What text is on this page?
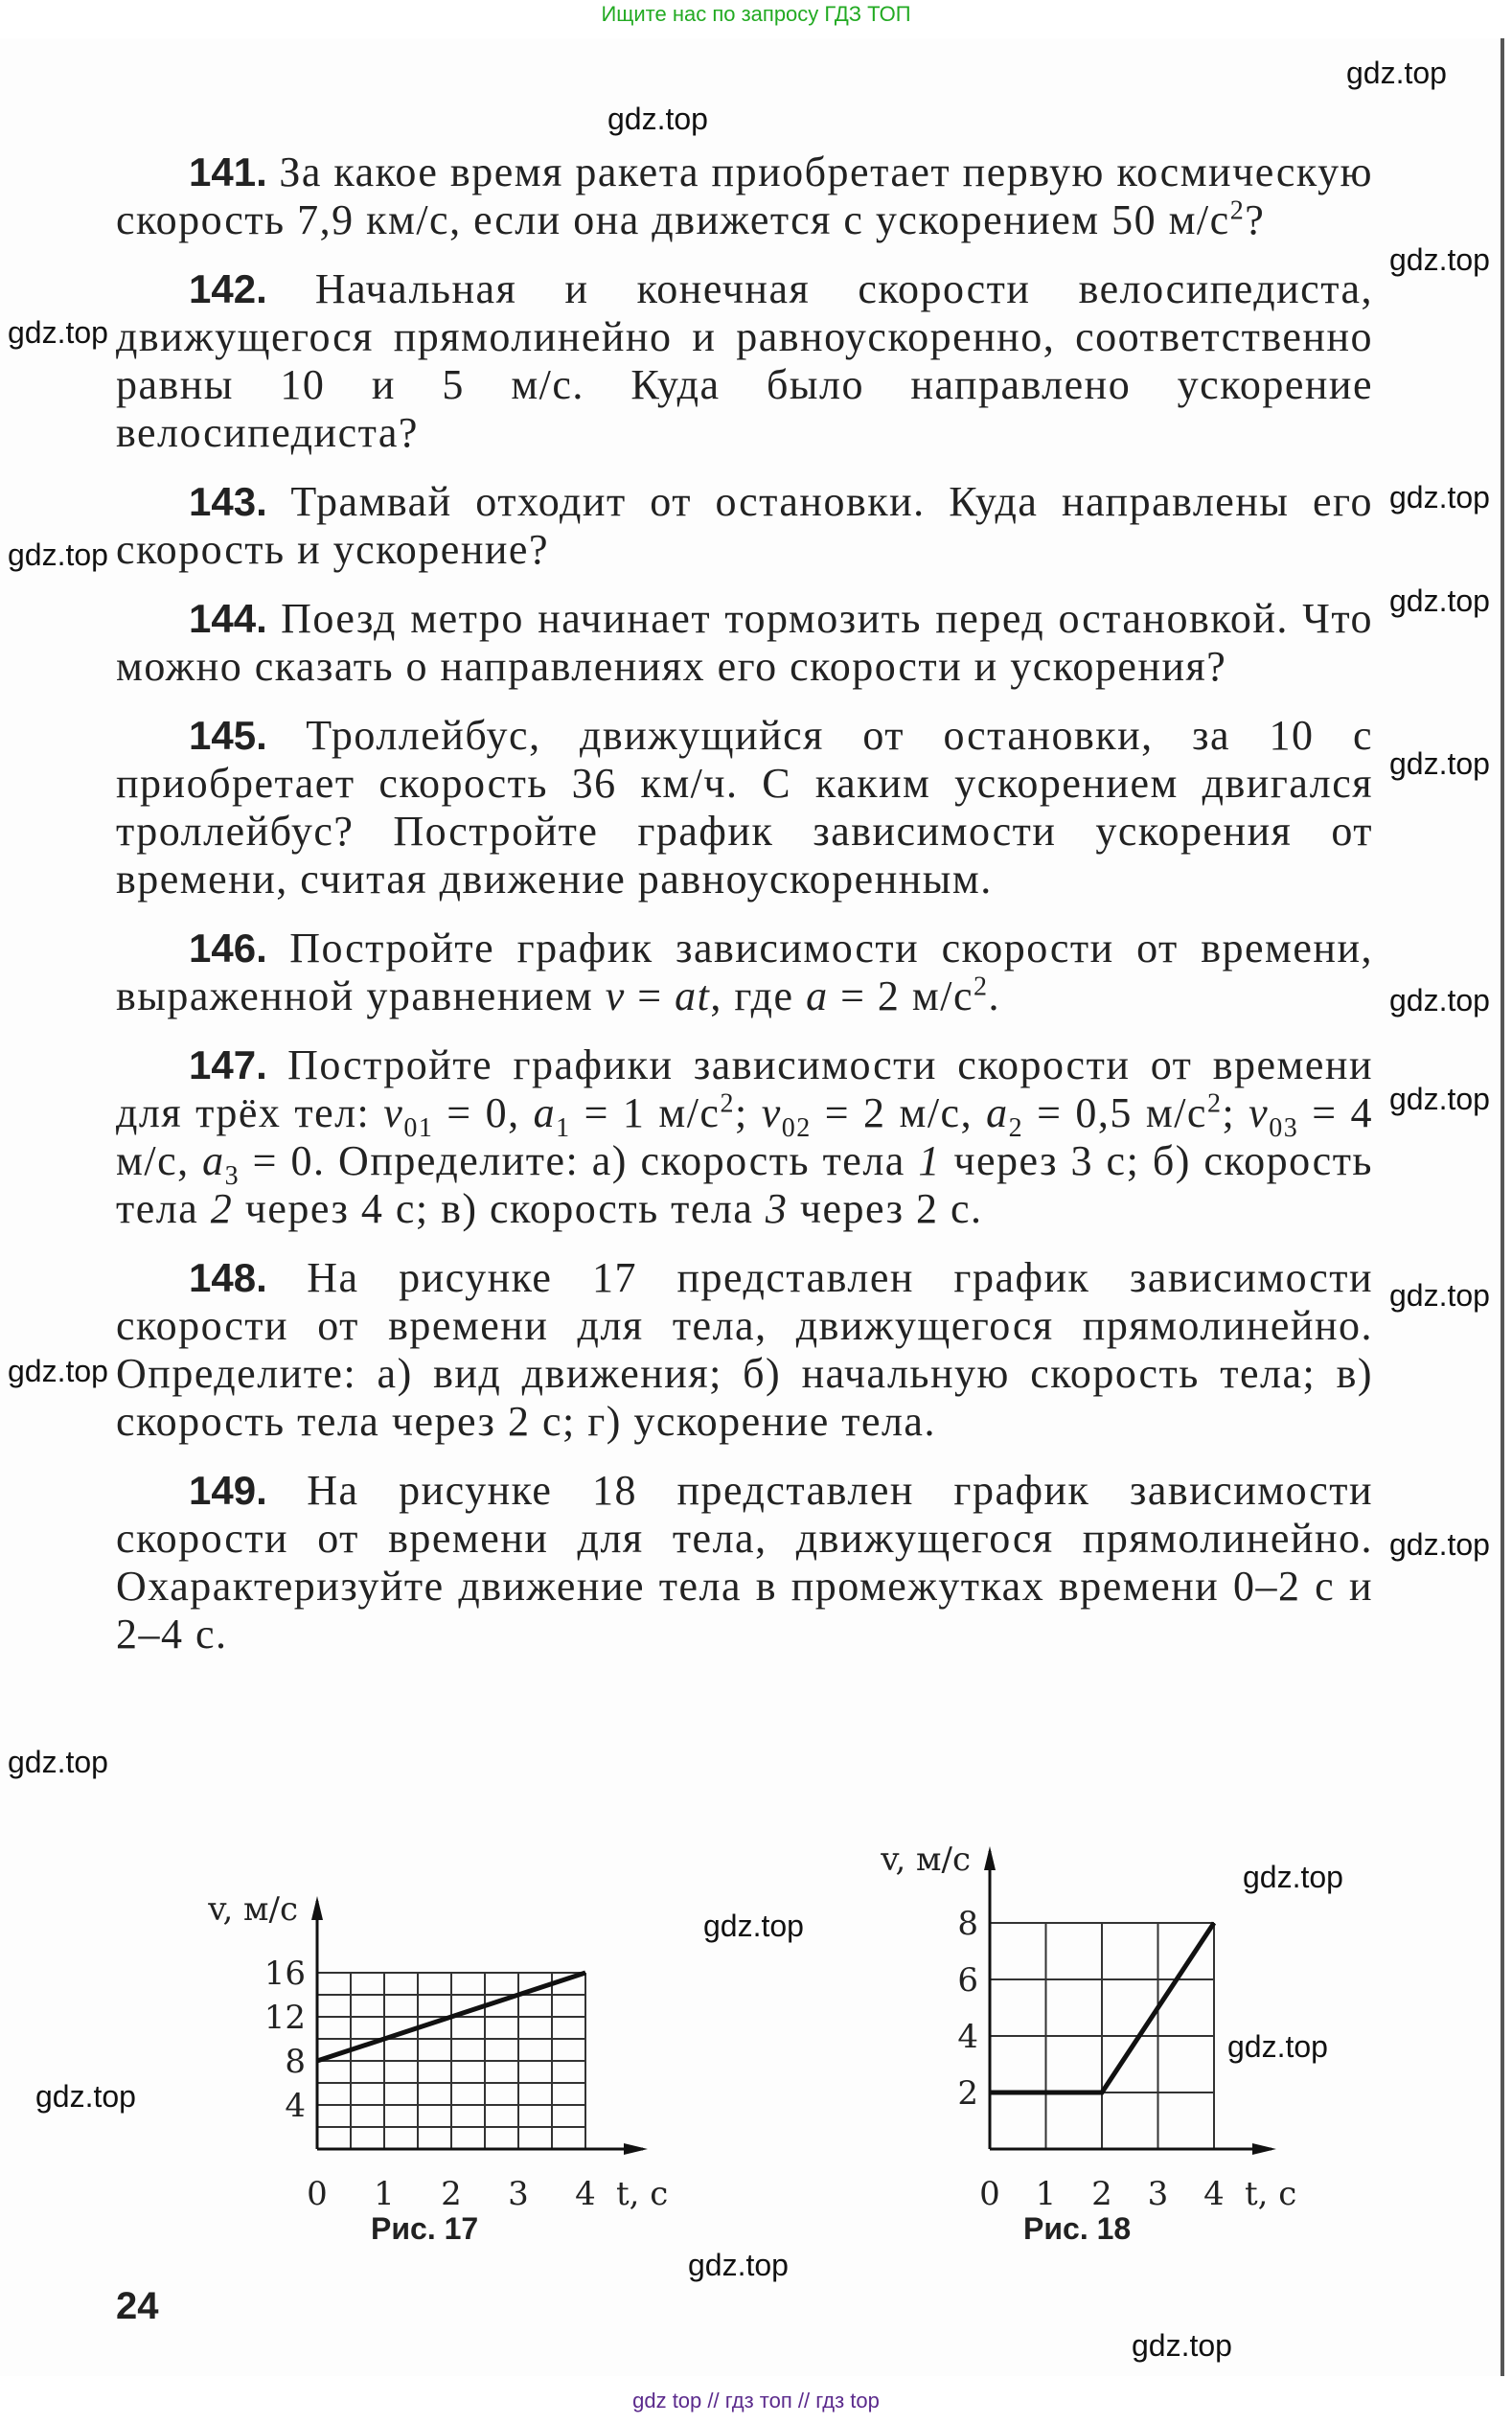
Ищите нас по запросу ГДЗ ТОП
141. За какое время ракета приобретает первую космическую скорость 7,9 км/с, если она движется с ускорением 50 $м/с^2$?
142. Начальная и конечная скорости велосипедиста, движущегося прямолинейно и равноускоренно, соответственно равны 10 и 5 м/с. Куда было направлено ускорение велосипедиста?
143. Трамвай отходит от остановки. Куда направлены его скорость и ускорение?
144. Поезд метро начинает тормозить перед остановкой. Что можно сказать о направлениях его скорости и ускорения?
145. Троллейбус, движущийся от остановки, за 10 с приобретает скорость 36 км/ч. С каким ускорением двигался троллейбус? Постройте график зависимости ускорения от времени, считая движение равноускоренным.
146. Постройте график зависимости скорости от времени, выраженной уравнением v = at, где a = 2 $м/с^2$.
147. Постройте графики зависимости скорости от времени для трёх тел: $v_{01} = 0$, $a_1 = 1$ $м/с^2$; $v_{02} = 2$ м/с, $a_2 = 0,5$ $м/с^2$; $v_{03} = 4$ м/с, $a_3 = 0$. Определите: а) скорость тела 1 через 3 с; б) скорость тела 2 через 4 с; в) скорость тела 3 через 2 с.
148. На рисунке 17 представлен график зависимости скорости от времени для тела, движущегося прямолинейно. Определите: а) вид движения; б) начальную скорость тела; в) скорость тела через 2 с; г) ускорение тела.
149. На рисунке 18 представлен график зависимости скорости от времени для тела, движущегося прямолинейно. Охарактеризуйте движение тела в промежутках времени 0–2 с и 2–4 с.
gdz.top
gdz.top
gdz.top
gdz.top
gdz.top
gdz.top
gdz.top
gdz.top
gdz.top
gdz.top
gdz.top
gdz.top
gdz.top
gdz.top
gdz.top
gdz.top
gdz.top
gdz.top
gdz.top
gdz.top
0 1 2 3 4
4
8
12
16
t, с
v, м/с
0 1 2 3 4
2
4
6
8
t, с
v, м/с
Рис. 17	Рис. 18
24
gdz top // гдз топ // гдз top
